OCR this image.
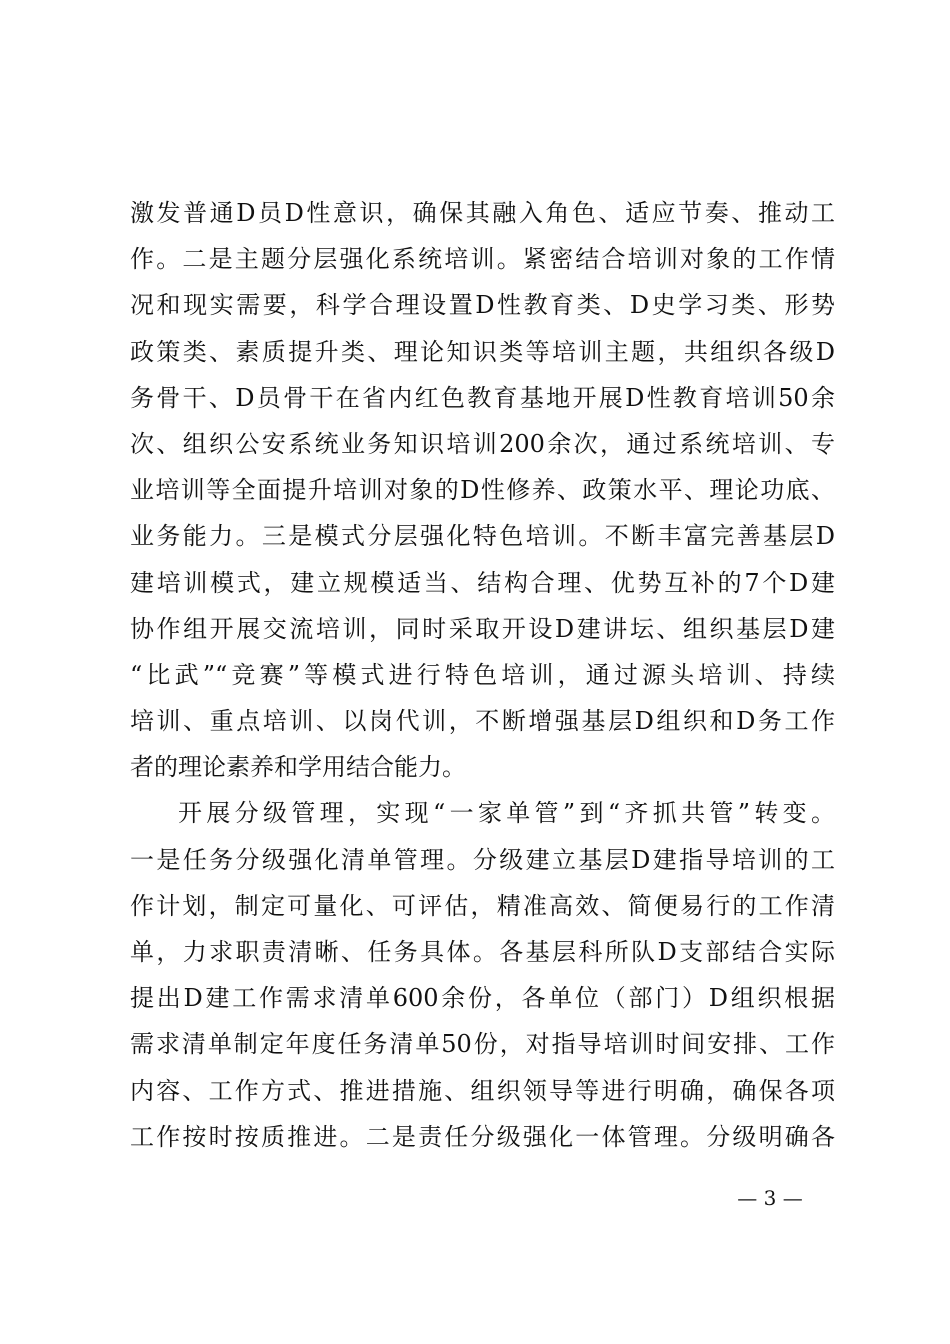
激发普通D员D性意识，确保其融入角色、适应节奏、推动工
作。二是主题分层强化系统培训。紧密结合培训对象的工作情
况和现实需要，科学合理设置D性教育类、D史学习类、形势
政策类、素质提升类、理论知识类等培训主题，共组织各级D
务骨干、D员骨干在省内红色教育基地开展D性教育培训50余
次、组织公安系统业务知识培训200余次，通过系统培训、专
业培训等全面提升培训对象的D性修养、政策水平、理论功底、
业务能力。三是模式分层强化特色培训。不断丰富完善基层D
建培训模式，建立规模适当、结构合理、优势互补的7个D建
协作组开展交流培训，同时采取开设D建讲坛、组织基层D建
“比武”“竞赛”等模式进行特色培训，通过源头培训、持续
培训、重点培训、以岗代训，不断增强基层D组织和D务工作
者的理论素养和学用结合能力。
开展分级管理，实现“一家单管”到“齐抓共管”转变。
一是任务分级强化清单管理。分级建立基层D建指导培训的工
作计划，制定可量化、可评估，精准高效、简便易行的工作清
单，力求职责清晰、任务具体。各基层科所队D支部结合实际
提出D建工作需求清单600余份，各单位（部门）D组织根据
需求清单制定年度任务清单50份，对指导培训时间安排、工作
内容、工作方式、推进措施、组织领导等进行明确，确保各项
工作按时按质推进。二是责任分级强化一体管理。分级明确各
— 3 —
